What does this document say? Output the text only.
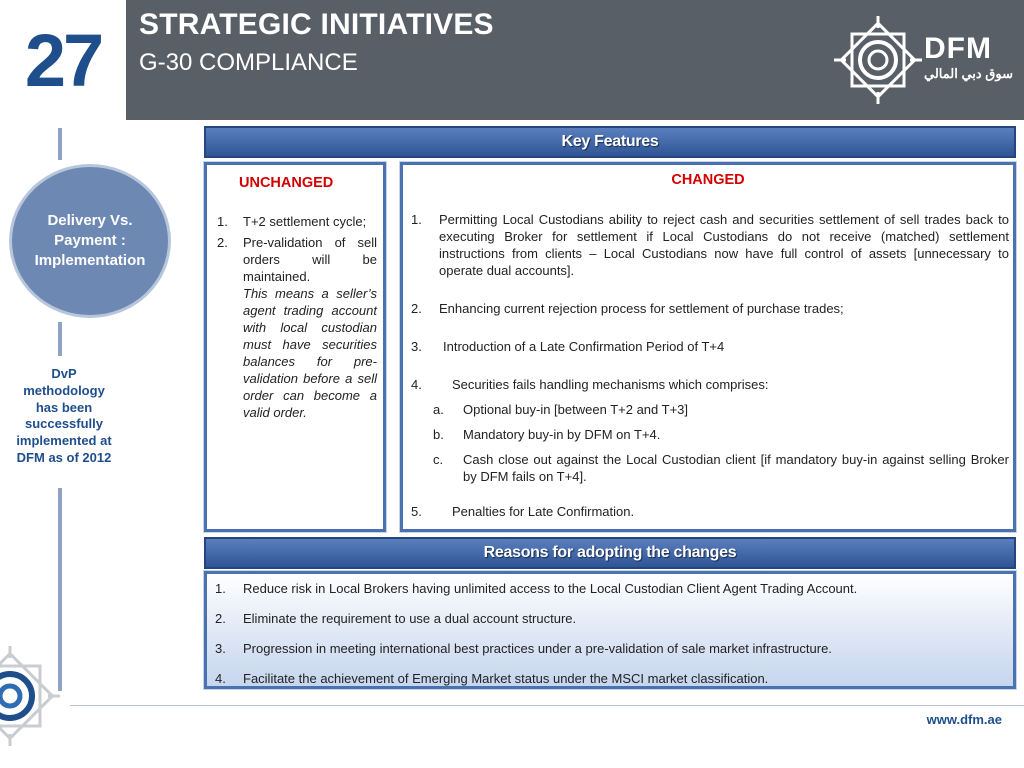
27	STRATEGIC INITIATIVES
G-30 COMPLIANCE	DFM
سوق دبي المالي
Delivery Vs. Payment : Implementation
DvP methodology has been successfully implemented at DFM as of 2012
Key Features
UNCHANGED
1.	T+2 settlement cycle;
2.	Pre-validation of sell orders will be maintained.
This means a seller’s agent trading account with local custodian must have securities balances for pre-validation before a sell order can become a valid order.
CHANGED
1.	Permitting Local Custodians ability to reject cash and securities settlement of sell trades back to executing Broker for settlement if Local Custodians do not receive (matched) settlement instructions from clients – Local Custodians now have full control of assets [unnecessary to operate dual accounts].
2.	Enhancing current rejection process for settlement of purchase trades;
3.	Introduction of a Late Confirmation Period of T+4
4.	Securities fails handling mechanisms which comprises:
a.	Optional buy-in [between T+2 and T+3]
b.	Mandatory buy-in by DFM on T+4.
c.	Cash close out against the Local Custodian client [if mandatory buy-in against selling Broker by DFM fails on T+4].
5.	Penalties for Late Confirmation.
Reasons for adopting the changes
1.	Reduce risk in Local Brokers having unlimited access to the Local Custodian Client Agent Trading Account.
2.	Eliminate the requirement to use a dual account structure.
3.	Progression in meeting international best practices under a pre-validation of sale market infrastructure.
4.	Facilitate the achievement of Emerging Market status under the MSCI market classification.
www.dfm.ae
